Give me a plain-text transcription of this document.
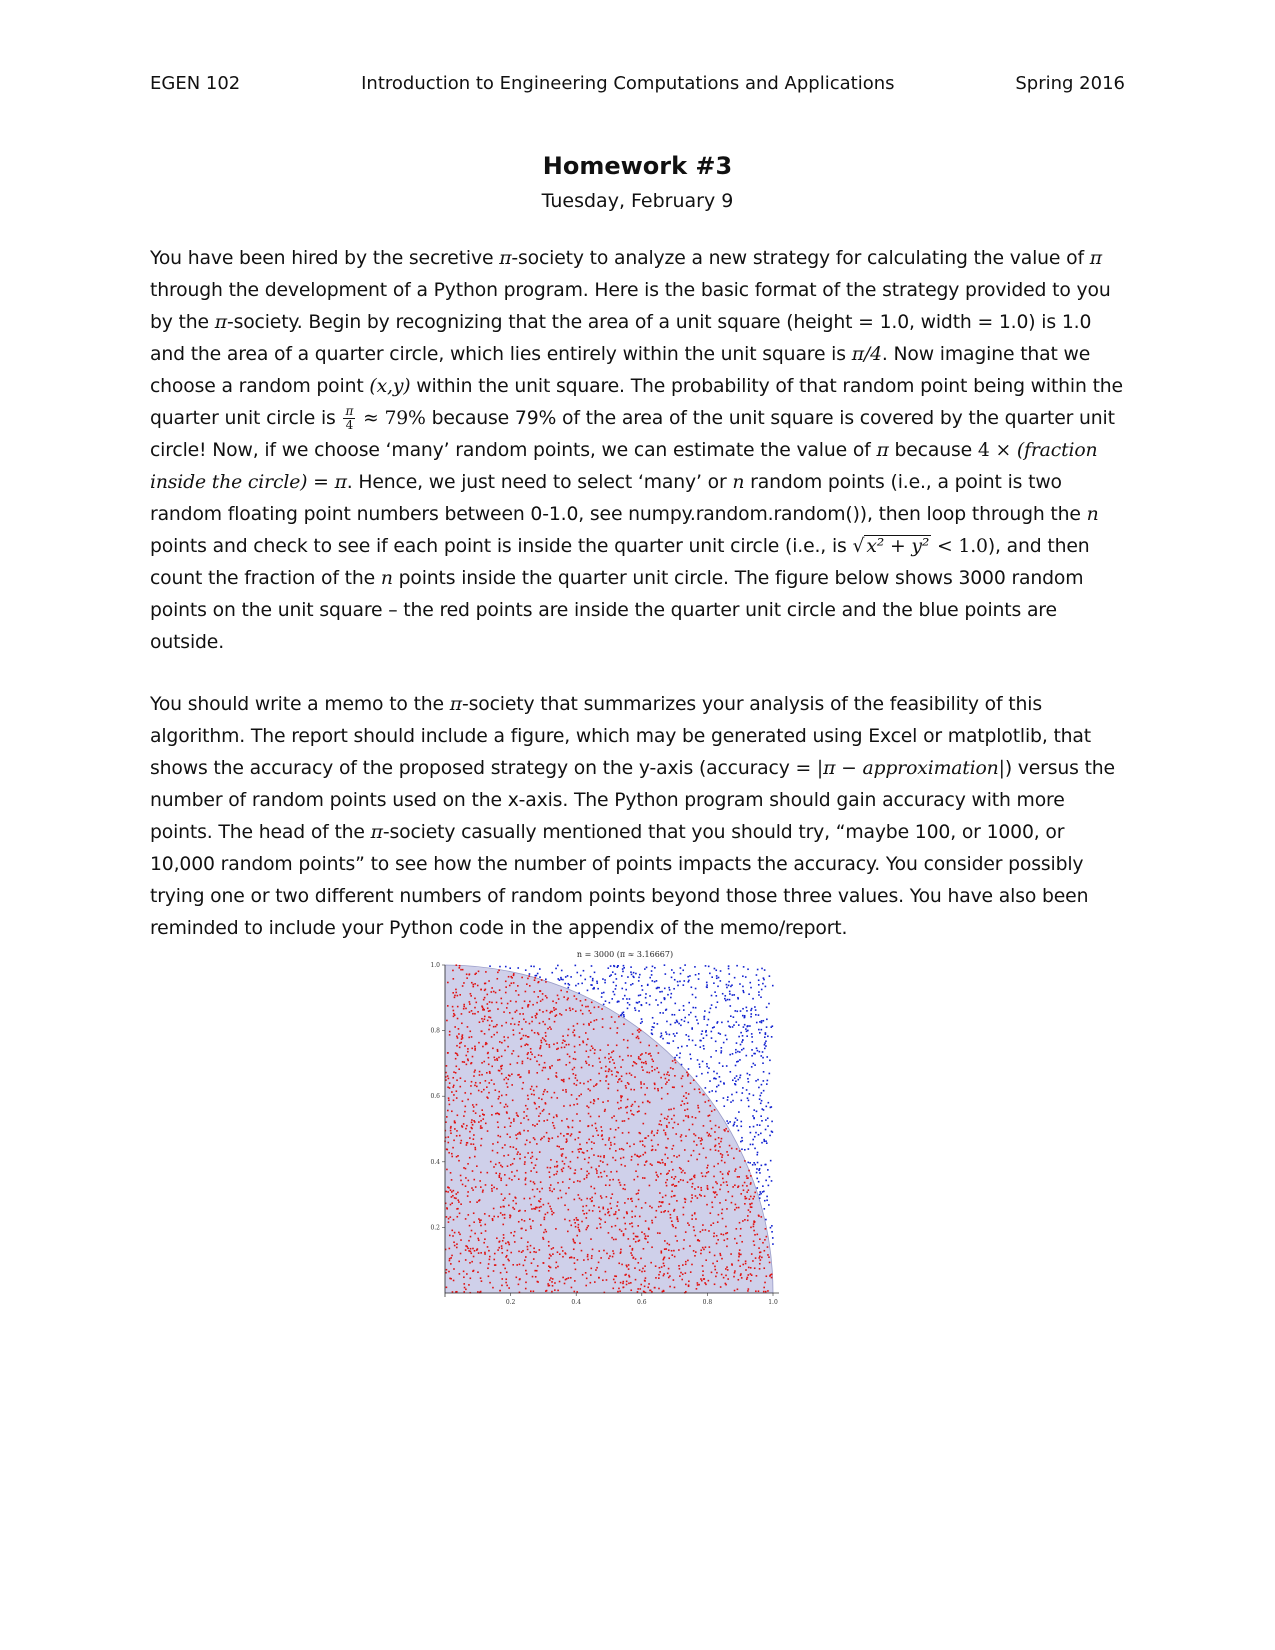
EGEN 102	Introduction to Engineering Computations and Applications	Spring 2016
Homework #3
Tuesday, February 9

You have been hired by the secretive π-society to analyze a new strategy for calculating the value of π through the development of a Python program. Here is the basic format of the strategy provided to you by the π-society. Begin by recognizing that the area of a unit square (height = 1.0, width = 1.0) is 1.0 and the area of a quarter circle, which lies entirely within the unit square is π/4. Now imagine that we choose a random point (x,y) within the unit square. The probability of that random point being within the quarter unit circle is $\frac{\pi}{4} \approx 79\%$ because 79% of the area of the unit square is covered by the quarter unit circle! Now, if we choose ‘many’ random points, we can estimate the value of π because 4 × (fraction inside the circle) = π. Hence, we just need to select ‘many’ or n random points (i.e., a point is two random floating point numbers between 0-1.0, see numpy.random.random()), then loop through the n points and check to see if each point is inside the quarter unit circle (i.e., is √ x² + y² < 1.0), and then count the fraction of the n points inside the quarter unit circle. The figure below shows 3000 random points on the unit square – the red points are inside the quarter unit circle and the blue points are outside.

You should write a memo to the π-society that summarizes your analysis of the feasibility of this algorithm. The report should include a figure, which may be generated using Excel or matplotlib, that shows the accuracy of the proposed strategy on the y-axis (accuracy = |π − approximation|) versus the number of random points used on the x-axis. The Python program should gain accuracy with more points. The head of the π-society casually mentioned that you should try, “maybe 100, or 1000, or 10,000 random points” to see how the number of points impacts the accuracy. You consider possibly trying one or two different numbers of random points beyond those three values. You have also been reminded to include your Python code in the appendix of the memo/report.

n = 3000 (π ≈ 3.16667)
0.2	0.4	0.6	0.8	1.0
0.2
0.4
0.6
0.8
1.0
